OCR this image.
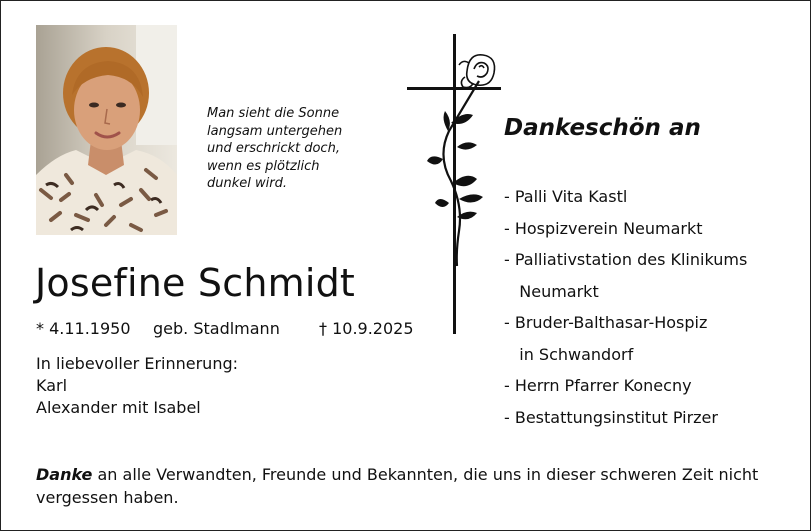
Man sieht die Sonne
langsam untergehen
und erschrickt doch,
wenn es plötzlich
dunkel wird.
Josefine Schmidt
* 4.11.1950 geb. Stadlmann † 10.9.2025
In liebevoller Erinnerung:
Karl
Alexander mit Isabel
Dankeschön an
- Palli Vita Kastl
- Hospizverein Neumarkt
- Palliativstation des Klinikums
Neumarkt
- Bruder-Balthasar-Hospiz
in Schwandorf
- Herrn Pfarrer Konecny
- Bestattungsinstitut Pirzer
Danke an alle Verwandten, Freunde und Bekannten, die uns in dieser schweren Zeit nicht vergessen haben.
